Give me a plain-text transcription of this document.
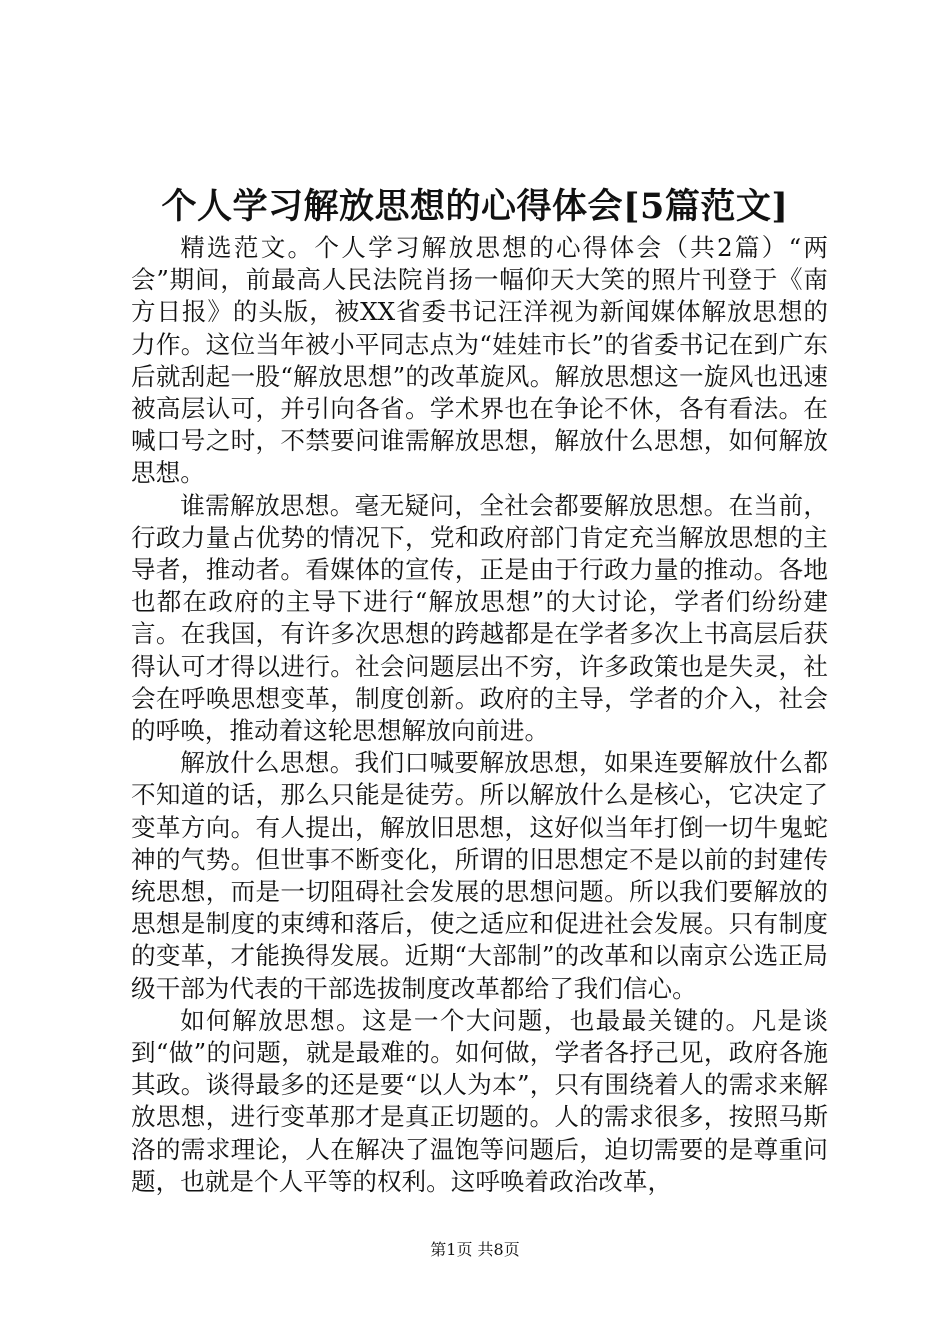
个人学习解放思想的心得体会[5篇范文]

精选范文。个人学习解放思想的心得体会（共2篇）“两会”期间，前最高人民法院肖扬一幅仰天大笑的照片刊登于《南方日报》的头版，被XX省委书记汪洋视为新闻媒体解放思想的力作。这位当年被小平同志点为“娃娃市长”的省委书记在到广东后就刮起一股“解放思想”的改革旋风。解放思想这一旋风也迅速被高层认可，并引向各省。学术界也在争论不休，各有看法。在喊口号之时，不禁要问谁需解放思想，解放什么思想，如何解放思想。

谁需解放思想。毫无疑问，全社会都要解放思想。在当前，行政力量占优势的情况下，党和政府部门肯定充当解放思想的主导者，推动者。看媒体的宣传，正是由于行政力量的推动。各地也都在政府的主导下进行“解放思想”的大讨论，学者们纷纷建言。在我国，有许多次思想的跨越都是在学者多次上书高层后获得认可才得以进行。社会问题层出不穷，许多政策也是失灵，社会在呼唤思想变革，制度创新。政府的主导，学者的介入，社会的呼唤，推动着这轮思想解放向前进。

解放什么思想。我们口喊要解放思想，如果连要解放什么都不知道的话，那么只能是徒劳。所以解放什么是核心，它决定了变革方向。有人提出，解放旧思想，这好似当年打倒一切牛鬼蛇神的气势。但世事不断变化，所谓的旧思想定不是以前的封建传统思想，而是一切阻碍社会发展的思想问题。所以我们要解放的思想是制度的束缚和落后，使之适应和促进社会发展。只有制度的变革，才能换得发展。近期“大部制”的改革和以南京公选正局级干部为代表的干部选拔制度改革都给了我们信心。

如何解放思想。这是一个大问题，也最最关键的。凡是谈到“做”的问题，就是最难的。如何做，学者各抒己见，政府各施其政。谈得最多的还是要“以人为本”，只有围绕着人的需求来解放思想，进行变革那才是真正切题的。人的需求很多，按照马斯洛的需求理论，人在解决了温饱等问题后，迫切需要的是尊重问题，也就是个人平等的权利。这呼唤着政治改革，

第1页 共8页
